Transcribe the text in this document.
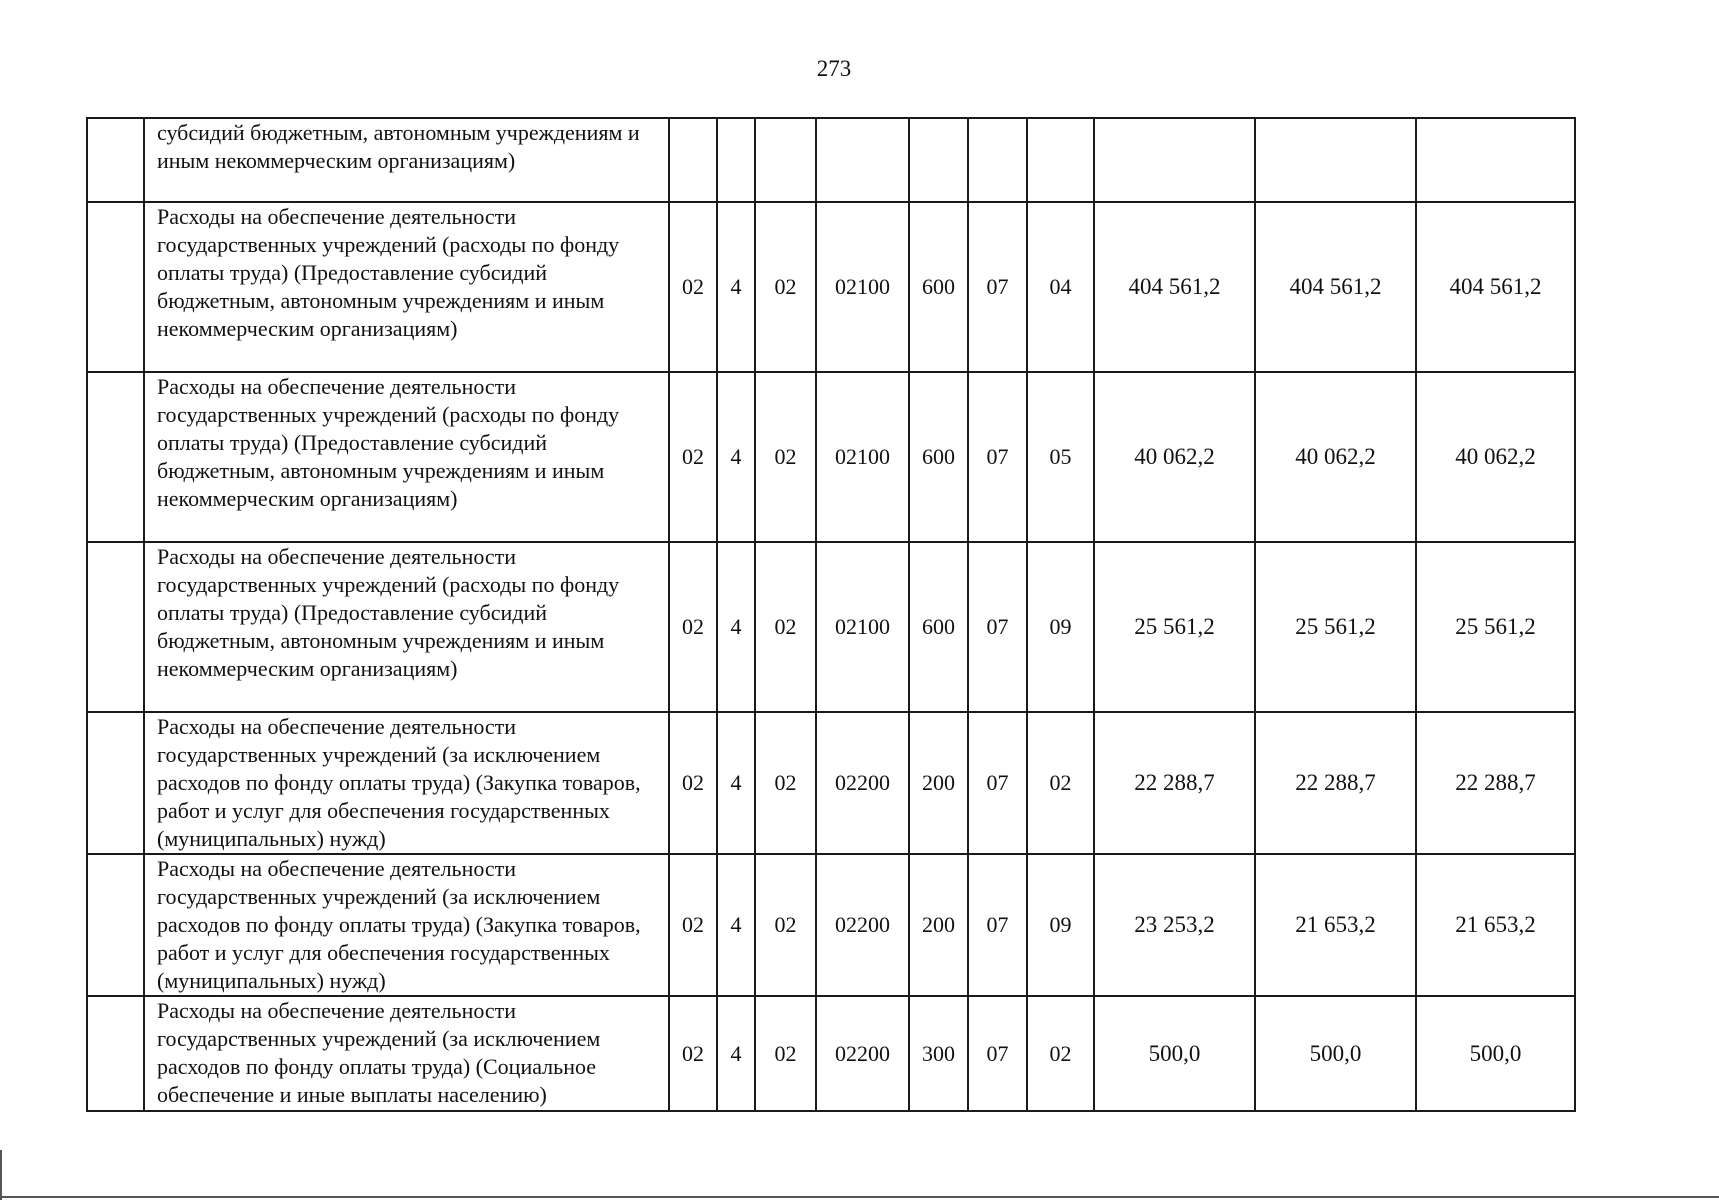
273
	субсидий бюджетным, автономным учреждениям и иным некоммерческим организациям)										
	Расходы на обеспечение деятельности государственных учреждений (расходы по фонду оплаты труда) (Предоставление субсидий бюджетным, автономным учреждениям и иным некоммерческим организациям)	02	4	02	02100	600	07	04	404 561,2	404 561,2	404 561,2
	Расходы на обеспечение деятельности государственных учреждений (расходы по фонду оплаты труда) (Предоставление субсидий бюджетным, автономным учреждениям и иным некоммерческим организациям)	02	4	02	02100	600	07	05	40 062,2	40 062,2	40 062,2
	Расходы на обеспечение деятельности государственных учреждений (расходы по фонду оплаты труда) (Предоставление субсидий бюджетным, автономным учреждениям и иным некоммерческим организациям)	02	4	02	02100	600	07	09	25 561,2	25 561,2	25 561,2
	Расходы на обеспечение деятельности государственных учреждений (за исключением расходов по фонду оплаты труда) (Закупка товаров, работ и услуг для обеспечения государственных (муниципальных) нужд)	02	4	02	02200	200	07	02	22 288,7	22 288,7	22 288,7
	Расходы на обеспечение деятельности государственных учреждений (за исключением расходов по фонду оплаты труда) (Закупка товаров, работ и услуг для обеспечения государственных (муниципальных) нужд)	02	4	02	02200	200	07	09	23 253,2	21 653,2	21 653,2
	Расходы на обеспечение деятельности государственных учреждений (за исключением расходов по фонду оплаты труда) (Социальное обеспечение и иные выплаты населению)	02	4	02	02200	300	07	02	500,0	500,0	500,0
